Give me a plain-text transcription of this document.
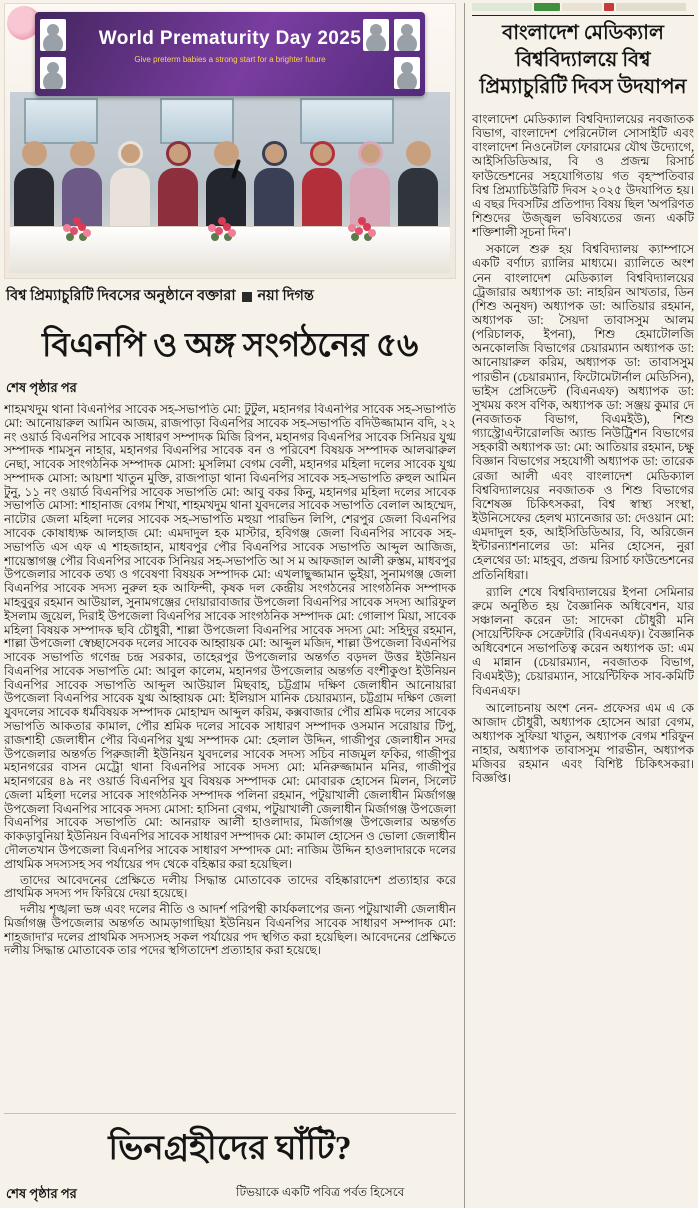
World Prematurity Day 2025
Give preterm babies a strong start for a brighter future
বিশ্ব প্রিম্যাচুরিটি দিবসের অনুষ্ঠানে বক্তারা নয়া দিগন্ত
বিএনপি ও অঙ্গ সংগঠনের ৫৬
শেষ পৃষ্ঠার পর

শাহমখদুম থানা বিএনপির সাবেক সহ-সভাপতি মো: টুটুল, মহানগর বিএনপির সাবেক সহ-সভাপতি মো: আনোয়ারুল আমিন আজম, রাজপাড়া বিএনপির সাবেক সহ-সভাপতি বদিউজ্জামান বদি, ২২ নং ওয়ার্ড বিএনপির সাবেক সাধারণ সম্পাদক মিজি রিপন, মহানগর বিএনপির সাবেক সিনিয়র যুগ্ম সম্পাদক শামসুন নাহার, মহানগর বিএনপির সাবেক বন ও পরিবেশ বিষয়ক সম্পাদক আলঝারুল নেছা, সাবেক সাংগঠনিক সম্পাদক মোসা: মুসলিমা বেগম বেলী, মহানগর মহিলা দলের সাবেক যুগ্ম সম্পাদক মোসা: আয়শা খাতুন মুক্তি, রাজপাড়া থানা বিএনপির সাবেক সহ-সভাপতি রুহুল আমিন টুনু, ১১ নং ওয়ার্ড বিএনপির সাবেক সভাপতি মো: আবু বকর কিনু, মহানগর মহিলা দলের সাবেক সভাপতি মোসা: শাহানাজ বেগম শিখা, শাহমখদুম থানা যুবদলের সাবেক সভাপতি বেলাল আহম্মেদ, নাটোর জেলা মহিলা দলের সাবেক সহ-সভাপতি মহুয়া পারভিন লিপি, শেরপুর জেলা বিএনপির সাবেক কোষাধ্যক্ষ আলহাজ মো: এমদাদুল হক মাস্টার, হবিগঞ্জ জেলা বিএনপির সাবেক সহ-সভাপতি এস এফ এ শাহজাহান, মাধবপুর পৌর বিএনপির সাবেক সভাপতি আব্দুল আজিজ, শায়েস্তাগঞ্জ পৌর বিএনপির সাবেক সিনিয়র সহ-সভাপতি আ স ম আফজাল আলী রুস্তম, মাধবপুর উপজেলার সাবেক তথ্য ও গবেষণা বিষয়ক সম্পাদক মো: এখলাছুজ্জামান ভুইয়া, সুনামগঞ্জ জেলা বিএনপির সাবেক সদস্য নুরুল হক আফিন্দী, কৃষক দল কেন্দ্রীয় সংগঠনের সাংগঠনিক সম্পাদক মাহবুবুর রহমান আউয়াল, সুনামগঞ্জের দোয়ারাবাজার উপজেলা বিএনপির সাবেক সদস্য আরিফুল ইসলাম জুয়েল, দিরাই উপজেলা বিএনপির সাবেক সাংগঠনিক সম্পাদক মো: গোলাপ মিয়া, সাবেক মহিলা বিষয়ক সম্পাদক ছবি চৌধুরী, শাল্লা উপজেলা বিএনপির সাবেক সদস্য মো: সহিদুর রহমান, শাল্লা উপজেলা স্বেচ্ছাসেবক দলের সাবেক আহ্বায়ক মো: আব্দুল মজিদ, শাল্লা উপজেলা বিএনপির সাবেক সভাপতি গণেন্দ্র চন্দ্র সরকার, তাহেরপুর উপজেলার অন্তর্গত বড়দল উত্তর ইউনিয়ন বিএনপির সাবেক সভাপতি মো: আবুল কালেম, মহানগর উপজেলার অন্তর্গত বংশীকুণ্ডা ইউনিয়ন বিএনপির সাবেক সভাপতি আব্দুল আউয়াল মিছবাহ, চট্টগ্রাম দক্ষিণ জেলাধীন আনোয়ারা উপজেলা বিএনপির সাবেক যুগ্ম আহ্বায়ক মো: ইলিয়াস মানিক চেয়ারম্যান, চট্টগ্রাম দক্ষিণ জেলা যুবদলের সাবেক ধর্মবিষয়ক সম্পাদক মোহাম্মদ আব্দুল করিম, কক্সবাজার পৌর শ্রমিক দলের সাবেক সভাপতি আকতার কামাল, পৌর শ্রমিক দলের সাবেক সাধারণ সম্পাদক ওসমান সরোয়ার টিপু, রাজশাহী জেলাধীন পৌর বিএনপির যুগ্ম সম্পাদক মো: হেলাল উদ্দিন, গাজীপুর জেলাধীন সদর উপজেলার অন্তর্গত পিরুজালী ইউনিয়ন যুবদলের সাবেক সদস্য সচিব নাজমুল ফকির, গাজীপুর মহানগরের বাসন মেট্রো থানা বিএনপির সাবেক সদস্য মো: মনিরুজ্জামান মনির, গাজীপুর মহানগরের ৪৯ নং ওয়ার্ড বিএনপির যুব বিষয়ক সম্পাদক মো: মোবারক হোসেন মিলন, সিলেট জেলা মহিলা দলের সাবেক সাংগঠনিক সম্পাদক পলিনা রহমান, পটুয়াখালী জেলাধীন মির্জাগঞ্জ উপজেলা বিএনপির সাবেক সদস্য মোসা: হাসিনা বেগম, পটুয়াখালী জেলাধীন মির্জাগঞ্জ উপজেলা বিএনপির সাবেক সভাপতি মো: আনরাফ আলী হাওলাদার, মির্জাগঞ্জ উপজেলার অন্তর্গত কাকড়াবুনিয়া ইউনিয়ন বিএনপির সাবেক সাধারণ সম্পাদক মো: কামাল হোসেন ও ভোলা জেলাধীন দৌলতখান উপজেলা বিএনপির সাবেক সাধারণ সম্পাদক মো: নাজিম উদ্দিন হাওলাদারকে দলের প্রাথমিক সদস্যসহ সব পর্যায়ের পদ থেকে বহিষ্কার করা হয়েছিল।

তাদের আবেদনের প্রেক্ষিতে দলীয় সিদ্ধান্ত মোতাবেক তাদের বহিষ্কারাদেশ প্রত্যাহার করে প্রাথমিক সদস্য পদ ফিরিয়ে দেয়া হয়েছে।

দলীয় শৃঙ্খলা ভঙ্গ এবং দলের নীতি ও আদর্শ পরিপন্থী কার্যকলাপের জন্য পটুয়াখালী জেলাধীন মির্জাগঞ্জ উপজেলার অন্তর্গত আমড়াগাছিয়া ইউনিয়ন বিএনপির সাবেক সাধারণ সম্পাদক মো: শাহজাদা'র দলের প্রাথমিক সদস্যসহ সকল পর্যায়ের পদ স্থগিত করা হয়েছিল। আবেদনের প্রেক্ষিতে দলীয় সিদ্ধান্ত মোতাবেক তার পদের স্থগিতাদেশ প্রত্যাহার করা হয়েছে।

ভিনগ্রহীদের ঘাঁটি?
শেষ পৃষ্ঠার পর	টিভয়াকে একটি পবিত্র পর্বত হিসেবে

বাংলাদেশ মেডিক্যাল বিশ্ববিদ্যালয়ে বিশ্ব প্রিম্যাচুরিটি দিবস উদযাপন

বাংলাদেশ মেডিক্যাল বিশ্ববিদ্যালয়ের নবজাতক বিভাগ, বাংলাদেশ পেরিনেটাল সোসাইটি এবং বাংলাদেশ নিওনেটাল ফোরামের যৌথ উদ্যোগে, আইসিডিডিআর, বি ও প্রজন্ম রিসার্চ ফাউন্ডেশনের সহযোগিতায় গত বৃহস্পতিবার বিশ্ব প্রিম্যাচিউরিটি দিবস ২০২৫ উদযাপিত হয়। এ বছর দিবসটির প্রতিপাদ্য বিষয় ছিল 'অপরিণত শিশুদের উজ্জ্বল ভবিষ্যতের জন্য একটি শক্তিশালী সূচনা দিন'।

সকালে শুরু হয় বিশ্ববিদ্যালয় ক্যাম্পাসে একটি বর্ণাঢ্য র‌্যালির মাধ্যমে। র‌্যালিতে অংশ নেন বাংলাদেশ মেডিক্যাল বিশ্ববিদ্যালয়ের ট্রেজারার অধ্যাপক ডা: নাহরিন আখতার, ডিন (শিশু অনুষদ) অধ্যাপক ডা: আতিয়ার রহমান, অধ্যাপক ডা: সৈয়দা তাবাসসুম আলম (পরিচালক, ইপনা), শিশু হেমাটোলজি অনকোলজি বিভাগের চেয়ারম্যান অধ্যাপক ডা: আনোয়ারুল করিম, অধ্যাপক ডা: তাবাসসুম পারভীন (চেয়ারম্যান, ফিটোমেটার্নাল মেডিসিন), ভাইস প্রেসিডেন্ট (বিএনএফ) অধ্যাপক ডা: সুখময় কংস বণিক, অধ্যাপক ডা: সঞ্জয় কুমার দে (নবজাতক বিভাগ, বিএমইউ), শিশু গ্যাস্ট্রোএন্টারোলজি অ্যান্ড নিউট্রিশন বিভাগের সহকারী অধ্যাপক ডা: মো: আতিয়ার রহমান, চক্ষু বিজ্ঞান বিভাগের সহযোগী অধ্যাপক ডা: তারেক রেজা আলী এবং বাংলাদেশ মেডিক্যাল বিশ্ববিদ্যালয়ের নবজাতক ও শিশু বিভাগের বিশেষজ্ঞ চিকিৎসকরা, বিশ্ব স্বাস্থ্য সংস্থা, ইউনিসেফের হেলথ ম্যানেজার ডা: দেওয়ান মো: এমদাদুল হক, আইসিডিডিআর, বি, অরিজেন ইন্টারন্যাশনালের ডা: মনির হোসেন, নুরা হেলথের ডা: মাহবুব, প্রজন্ম রিসার্চ ফাউন্ডেশনের প্রতিনিধিরা।

র‌্যালি শেষে বিশ্ববিদ্যালয়ের ইপনা সেমিনার রুমে অনুষ্ঠিত হয় বৈজ্ঞানিক অধিবেশন, যার সঞ্চালনা করেন ডা: সাদেকা চৌধুরী মনি (সায়েন্টিফিক সেক্রেটারি (বিএনএফ)। বৈজ্ঞানিক অধিবেশনে সভাপতিত্ব করেন অধ্যাপক ডা: এম এ মান্নান (চেয়ারম্যান, নবজাতক বিভাগ, বিএমইউ); চেয়ারম্যান, সায়েন্টিফিক সাব-কমিটি বিএনএফ।

আলোচনায় অংশ নেন- প্রফেসর এম এ কে আজাদ চৌধুরী, অধ্যাপক হোসেন আরা বেগম, অধ্যাপক সুফিয়া খাতুন, অধ্যাপক বেগম শরিফুন নাহার, অধ্যাপক তাবাসসুম পারভীন, অধ্যাপক মজিবর রহমান এবং বিশিষ্ট চিকিৎসকরা। বিজ্ঞপ্তি।
